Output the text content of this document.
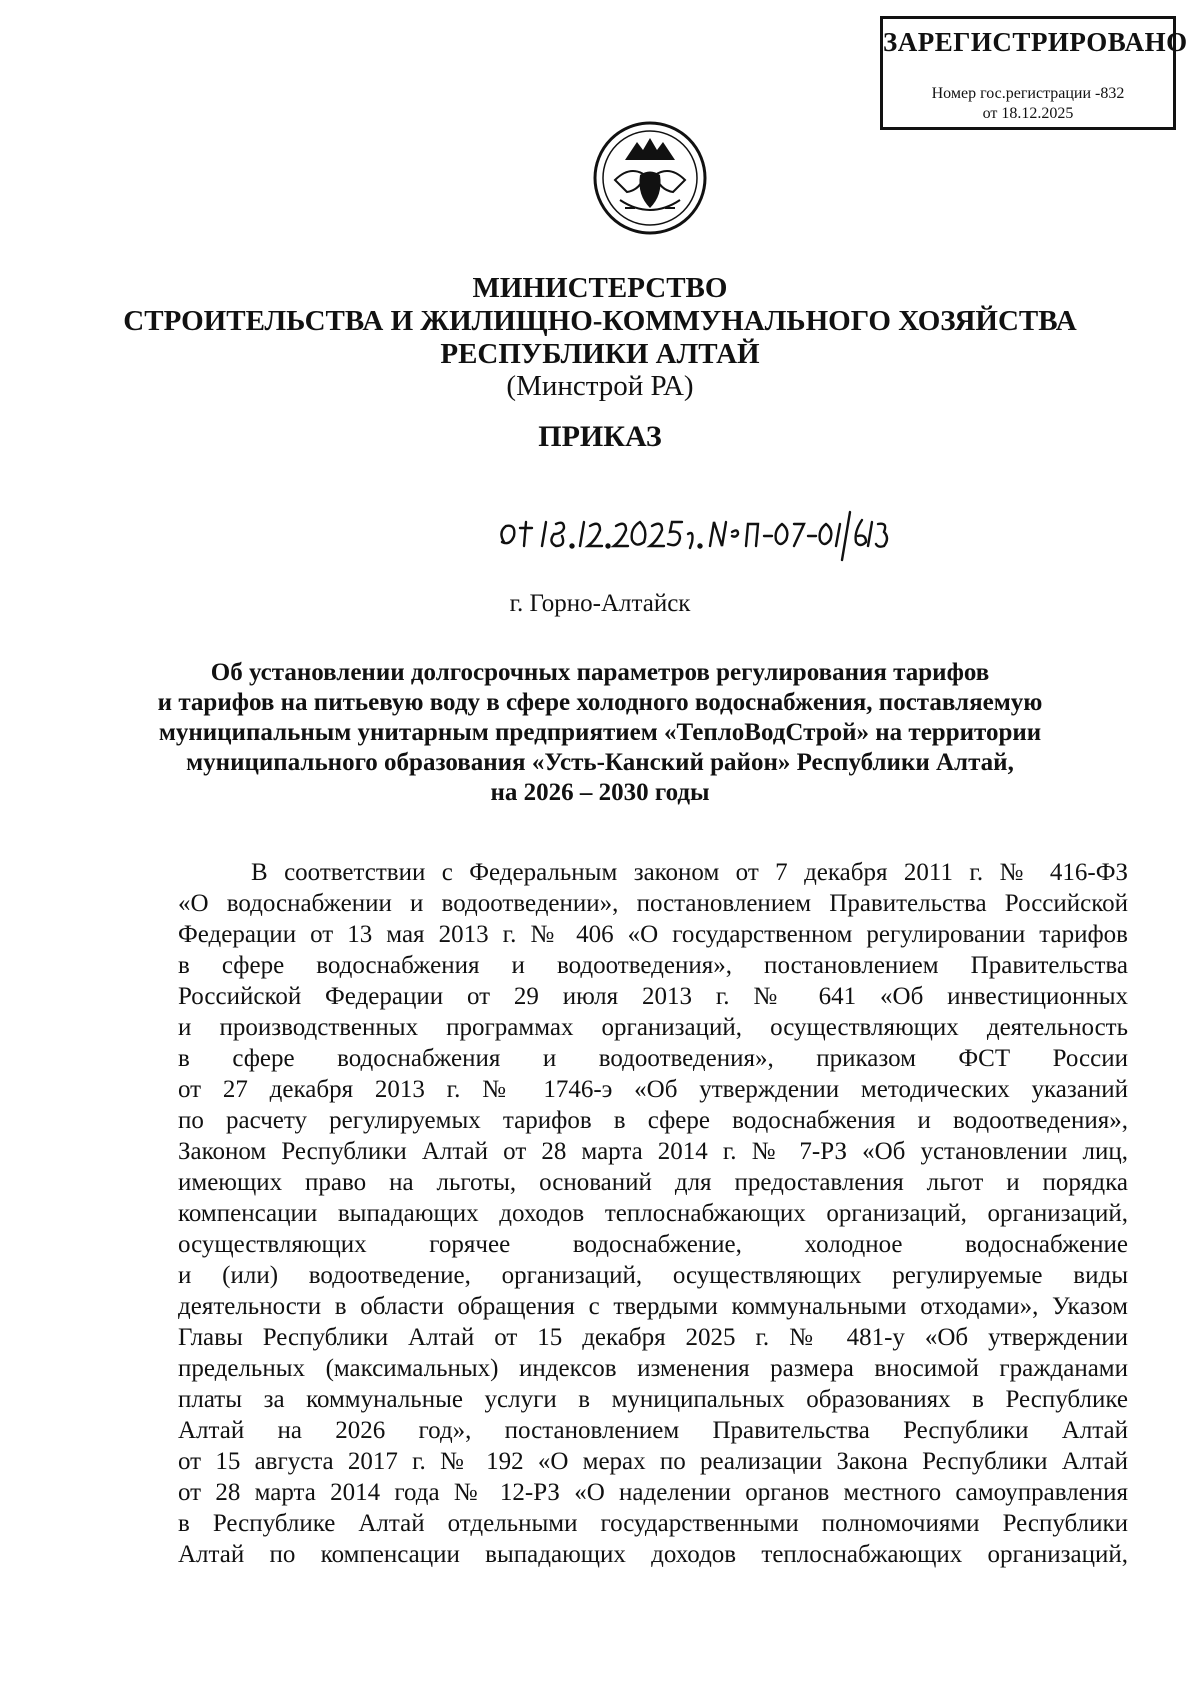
ЗАРЕГИСТРИРОВАНО
Номер гос.регистрации -832
от 18.12.2025
МИНИСТЕРСТВО
СТРОИТЕЛЬСТВА И ЖИЛИЩНО-КОММУНАЛЬНОГО ХОЗЯЙСТВА
РЕСПУБЛИКИ АЛТАЙ
(Минстрой РА)
ПРИКАЗ
г. Горно-Алтайск
Об установлении долгосрочных параметров регулирования тарифов
и тарифов на питьевую воду в сфере холодного водоснабжения, поставляемую
муниципальным унитарным предприятием «ТеплоВодСтрой» на территории
муниципального образования «Усть-Канский район» Республики Алтай,
на 2026 – 2030 годы
В соответствии с Федеральным законом от 7 декабря 2011 г. № 416-ФЗ
«О водоснабжении и водоотведении», постановлением Правительства Российской
Федерации от 13 мая 2013 г. № 406 «О государственном регулировании тарифов
в сфере водоснабжения и водоотведения», постановлением Правительства
Российской Федерации от 29 июля 2013 г. № 641 «Об инвестиционных
и производственных программах организаций, осуществляющих деятельность
в сфере водоснабжения и водоотведения», приказом ФСТ России
от 27 декабря 2013 г. № 1746-э «Об утверждении методических указаний
по расчету регулируемых тарифов в сфере водоснабжения и водоотведения»,
Законом Республики Алтай от 28 марта 2014 г. № 7-РЗ «Об установлении лиц,
имеющих право на льготы, оснований для предоставления льгот и порядка
компенсации выпадающих доходов теплоснабжающих организаций, организаций,
осуществляющих горячее водоснабжение, холодное водоснабжение
и (или) водоотведение, организаций, осуществляющих регулируемые виды
деятельности в области обращения с твердыми коммунальными отходами», Указом
Главы Республики Алтай от 15 декабря 2025 г. № 481-у «Об утверждении
предельных (максимальных) индексов изменения размера вносимой гражданами
платы за коммунальные услуги в муниципальных образованиях в Республике
Алтай на 2026 год», постановлением Правительства Республики Алтай
от 15 августа 2017 г. № 192 «О мерах по реализации Закона Республики Алтай
от 28 марта 2014 года № 12-РЗ «О наделении органов местного самоуправления
в Республике Алтай отдельными государственными полномочиями Республики
Алтай по компенсации выпадающих доходов теплоснабжающих организаций,
